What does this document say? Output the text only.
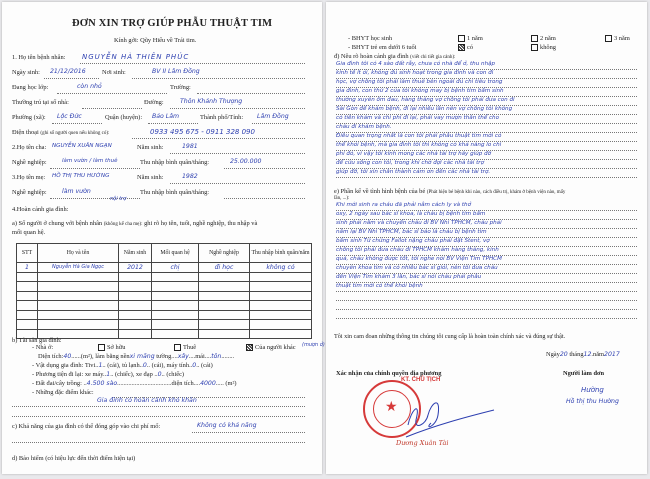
ĐƠN XIN TRỢ GIÚP PHẪU THUẬT TIM
Kính gởi: Qũy Hiểu về Trái tim.
1. Họ tên bệnh nhân: NGUYỄN HÀ THIÊN PHÚC
Ngày sinh: 21/12/2016	Nơi sinh:	BV II Lâm Đồng
Đang học lớp:	còn nhỏ	Trường:
Thường trú tại số nhà:	Đường:	Thôn Khánh Thượng
Phường (xã): Lộc Đức	Quận (huyện): Bảo Lâm	Thành phố/Tỉnh: Lâm Đồng
Điện thoại (ghi số người quen nếu không có):	0933 495 675 - 0911 328 090
2.Họ tên cha: NGUYỄN XUÂN NGẠN	Năm sinh:	1981
Nghề nghiệp:	làm vườn / làm thuê	Thu nhập bình quân/tháng:	25.00.000
3.Họ tên mẹ: HỒ THỊ THU HƯỜNG	Năm sinh:	1982
Nghề nghiệp: làm vườn
nội trợ
Thu nhập bình quân/tháng:
4.Hoàn cảnh gia đình:
a) Số người ở chung với bệnh nhân (không kể cha mẹ): ghi rõ họ tên, tuổi, nghề nghiệp, thu nhập và
mối quan hệ.
STT	Họ và tên	Năm sinh	Mối quan hệ	Nghề nghiệp	Thu nhập bình quân/năm
1	Nguyễn Hà Gia Ngọc	2012	chị	đi học	không có

b) Tài sản gia đình:
- Nhà ở:	Sở hữu	Thuê	Của người khác (mượn ở)
Diện tích:40......(m²), làm bằng nềnxi măng tường....xây....mái....tôn........
- Vật dụng gia đình: Tivi..1.. (cái), tủ lạnh..0.. (cái), máy tính..0.. (cái)
- Phương tiện đi lại: xe máy..1.. (chiếc), xe đạp ..0.. (chiếc)
- Đất đai/cây trồng: ..4.500 sào..................................diện tích....4000..... (m²)
- Những đặc điểm khác:
Gia đình có hoàn cảnh khó khăn
c) Khả năng của gia đình có thể đóng góp vào chi phí mổ:	Không có khả năng
d) Bảo hiểm (có hiệu lực đến thời điểm hiện tại)
- BHYT học sinh	1 năm	2 năm	3 năm
- BHYT trẻ em dưới 6 tuổi	có	không
đ) Nêu rõ hoàn cảnh gia đình (viết chi tiết gia cảnh):
Gia đình tôi có 4 sào đất rẫy, chưa có nhà để ở, thu nhập
kinh tế ít ỏi, không đủ sinh hoạt trong gia đình và con đi
học, vợ chồng tôi phải làm thuê bên ngoài đủ chi tiêu trong
gia đình, con thứ 2 của tôi không may bị bệnh tim bẩm sinh
thường xuyên ốm đau, hàng tháng vợ chồng tôi phải đưa con đi
Sài Gòn để khám bệnh, đi lại nhiều lần nên vợ chồng tôi không
có tiền khám và chi phí đi lại, phải vay mượn thân thể cho
cháu đi khám bệnh.
Điều quan trọng nhất là con tôi phải phẫu thuật tim mới có
thể khỏi bệnh, mà gia đình tôi thì không có khả năng lo chi
phí đó, vì vậy tôi kính mong các nhà tài trợ hãy giúp đỡ
để cứu sống con tôi, trong khi chờ đợi các nhà tài trợ
giúp đỡ, tôi xin chân thành cảm ơn đến các nhà tài trợ.
e) Phần kể về tình hình bệnh của bé (Phát hiện bé bệnh khi nào, cách điều trị, khám ở bệnh viện nào, mấy
lần, ...):
Khi mới sinh ra cháu đã phải nằm cách ly và thở
oxy, 2 ngày sau bác sĩ khoa, là cháu bị bệnh tim bẩm
sinh phải nằm và chuyển cháu đi BV Nhi TPHCM, cháu phải
nằm lại BV Nhi TPHCM, bác sĩ báo là cháu bị bệnh tim
bẩm sinh Tứ chứng Fallot nặng cháu phải đặt Stent, vợ
chồng tôi phải đưa cháu đi TPHCM khám hàng tháng, kinh
quá, cháu không được tốt, tôi nghe nói BV Viện Tim TPHCM
chuyên khoa tim và có nhiều bác sĩ giỏi, nên tôi đưa cháu
đến Viện Tim khám 3 lần, bác sĩ nói cháu phải phẫu
thuật tim mới có thể khỏi bệnh
Tôi xin cam đoan những thông tin chúng tôi cung cấp là hoàn toàn chính xác và đúng sự thật.
Ngày20 tháng12.năm2017
Xác nhận của chính quyền địa phương	Người làm đơn
★
KT. CHỦ TỊCH
Dương Xuân Tài
Hường
Hồ thị thu Hường
